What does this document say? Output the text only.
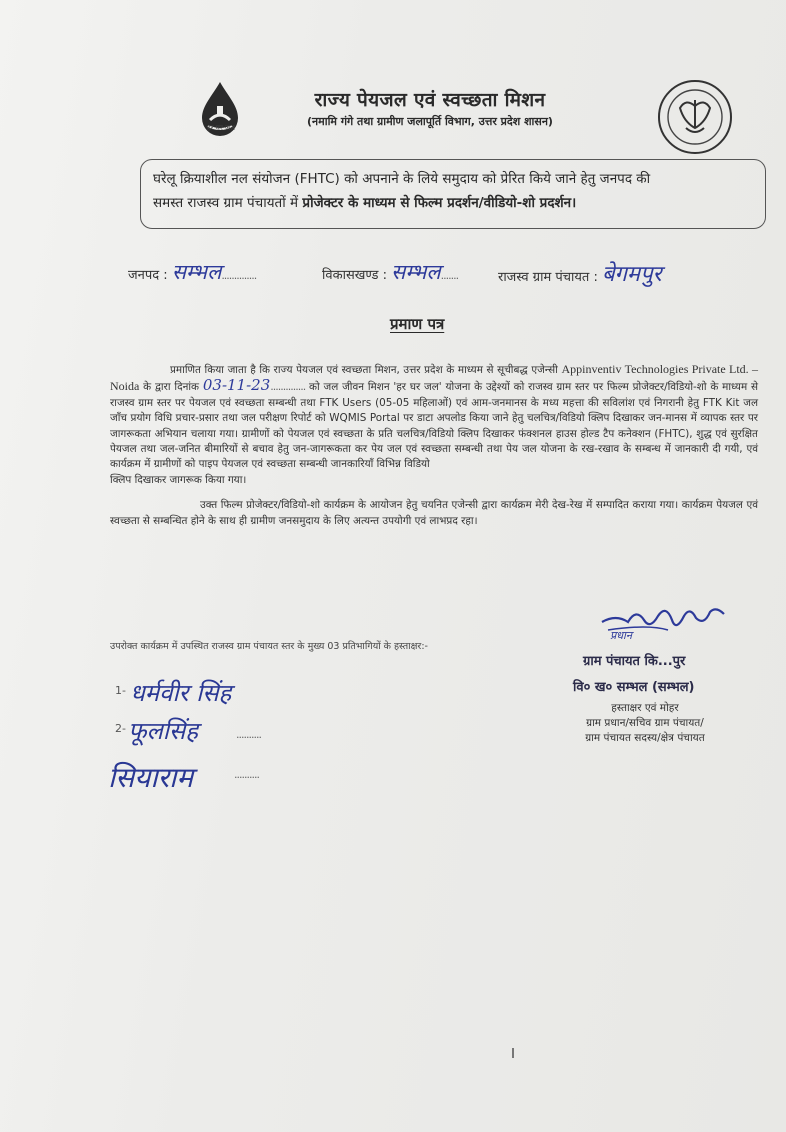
हर घर जल
राज्य पेयजल एवं स्वच्छता मिशन
(नमामि गंगे तथा ग्रामीण जलापूर्ति विभाग, उत्तर प्रदेश शासन)
घरेलू क्रियाशील नल संयोजन (FHTC) को अपनाने के लिये समुदाय को प्रेरित किये जाने हेतु जनपद की
समस्त राजस्व ग्राम पंचायतों में प्रोजेक्टर के माध्यम से फिल्म प्रदर्शन/वीडियो-शो प्रदर्शन।
जनपद : सम्भल..............	विकासखण्ड : सम्भल.......	राजस्व ग्राम पंचायत : बेगमपुर
प्रमाण पत्र

प्रमाणित किया जाता है कि राज्य पेयजल एवं स्वच्छता मिशन, उत्तर प्रदेश के माध्यम से सूचीबद्ध एजेन्सी Appinventiv Technologies Private Ltd. – Noida के द्वारा दिनांक 03-11-23.............. को जल जीवन मिशन 'हर घर जल' योजना के उद्देश्यों को राजस्व ग्राम स्तर पर फिल्म प्रोजेक्टर/विडियो-शो के माध्यम से राजस्व ग्राम स्तर पर पेयजल एवं स्वच्छता सम्बन्धी तथा FTK Users (05-05 महिलाओं) एवं आम-जनमानस के मध्य महत्ता की सविलांश एवं निगरानी हेतु FTK Kit जल जाँच प्रयोग विधि प्रचार-प्रसार तथा जल परीक्षण रिपोर्ट को WQMIS Portal पर डाटा अपलोड किया जाने हेतु चलचित्र/विडियो क्लिप दिखाकर जन-मानस में व्यापक स्तर पर जागरूकता अभियान चलाया गया। ग्रामीणों को पेयजल एवं स्वच्छता के प्रति चलचित्र/विडियो क्लिप दिखाकर फंक्शनल हाउस होल्ड टैप कनेक्शन (FHTC), शुद्ध एवं सुरक्षित पेयजल तथा जल-जनित बीमारियों से बचाव हेतु जन-जागरूकता कर पेय जल एवं स्वच्छता सम्बन्धी तथा पेय जल योजना के रख-रखाव के सम्बन्ध में जानकारी दी गयी, एवं कार्यक्रम में ग्रामीणों को पाइप पेयजल एवं स्वच्छता सम्बन्धी जानकारियाँ विभिन्न विडियो

क्लिप दिखाकर जागरूक किया गया।

उक्त फिल्म प्रोजेक्टर/विडियो-शो कार्यक्रम के आयोजन हेतु चयनित एजेन्सी द्वारा कार्यक्रम मेरी देख-रेख में सम्पादित कराया गया। कार्यक्रम पेयजल एवं स्वच्छता से सम्बन्धित होने के साथ ही ग्रामीण जनसमुदाय के लिए अत्यन्त उपयोगी एवं लाभप्रद रहा।

प्रधान
ग्राम पंचायत कि...पुर
वि० ख० सम्भल (सम्भल)
हस्ताक्षर एवं मोहर
ग्राम प्रधान/सचिव ग्राम पंचायत/
ग्राम पंचायत सदस्य/क्षेत्र पंचायत
उपरोक्त कार्यक्रम में उपस्थित राजस्व ग्राम पंचायत स्तर के मुख्य 03 प्रतिभागियों के हस्ताक्षर:-
1- धर्मवीर सिंह
2- फूलसिंह	..........
सियाराम	..........
